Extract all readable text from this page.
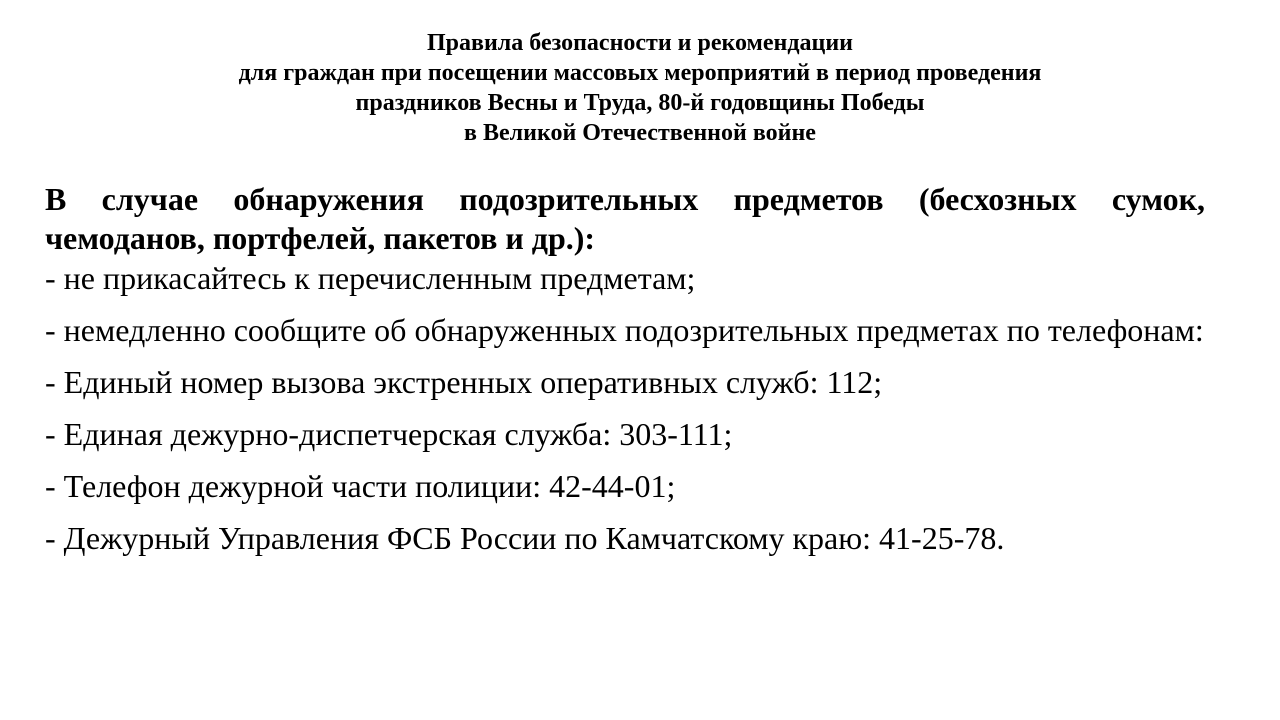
Правила безопасности и рекомендации
для граждан при посещении массовых мероприятий в период проведения
праздников Весны и Труда, 80-й годовщины Победы
в Великой Отечественной войне

В случае обнаружения подозрительных предметов (бесхозных сумок, чемоданов, портфелей, пакетов и др.):

- не прикасайтесь к перечисленным предметам;

- немедленно сообщите об обнаруженных подозрительных предметах по телефонам:

- Единый номер вызова экстренных оперативных служб: 112;

- Единая дежурно-диспетчерская служба: 303-111;

- Телефон дежурной части полиции: 42-44-01;

- Дежурный Управления ФСБ России по Камчатскому краю: 41-25-78.
